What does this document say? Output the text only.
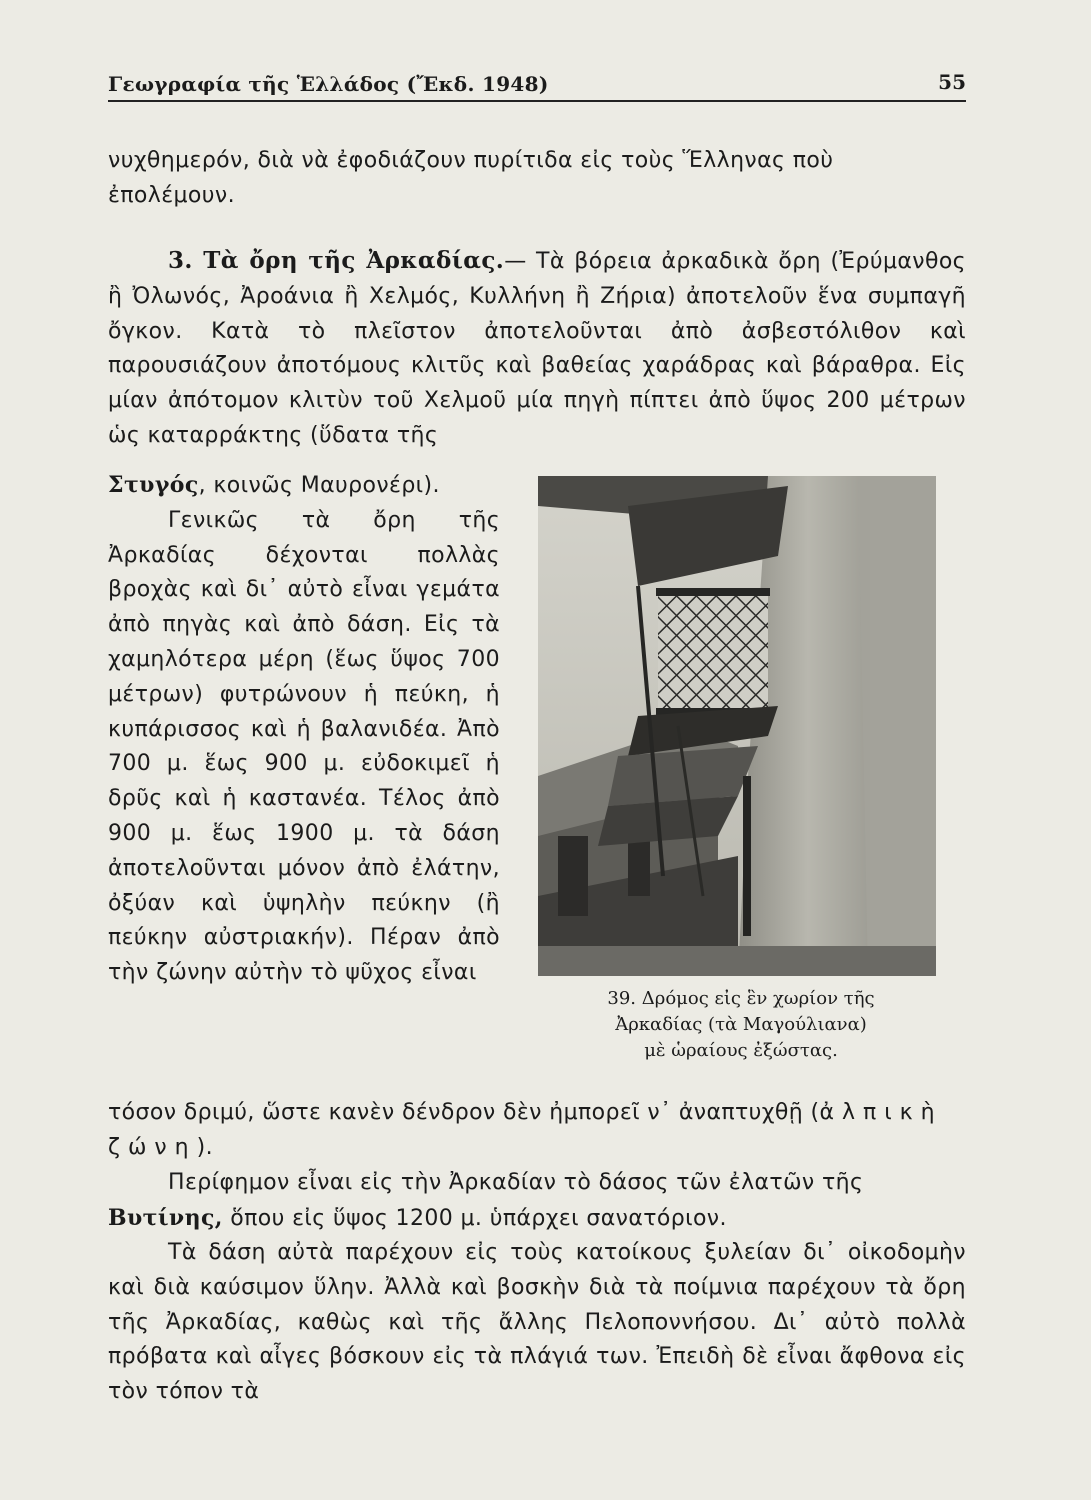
Γεωγραφία τῆς Ἑλλάδος (Ἔκδ. 1948)	55

νυχθημερόν, διὰ νὰ ἐφοδιάζουν πυρίτιδα εἰς τοὺς Ἕλληνας ποὺ ἐπολέμουν.

3. Τὰ ὄρη τῆς Ἀρκαδίας.— Τὰ βόρεια ἀρκαδικὰ ὄρη (Ἐρύμανθος ἢ Ὀλωνός, Ἀροάνια ἢ Χελμός, Κυλλήνη ἢ Ζήρια) ἀποτελοῦν ἕνα συμπαγῆ ὄγκον. Κατὰ τὸ πλεῖστον ἀποτελοῦνται ἀπὸ ἀσβεστόλιθον καὶ παρουσιάζουν ἀποτόμους κλιτῦς καὶ βαθείας χαράδρας καὶ βάραθρα. Εἰς μίαν ἀπότομον κλιτὺν τοῦ Χελμοῦ μία πηγὴ πίπτει ἀπὸ ὕψος 200 μέτρων ὡς καταρράκτης (ὕδατα τῆς

Στυγός, κοινῶς Μαυρονέρι).

Γενικῶς τὰ ὄρη τῆς Ἀρκαδίας δέχονται πολλὰς βροχὰς καὶ δι᾽ αὐτὸ εἶναι γεμάτα ἀπὸ πηγὰς καὶ ἀπὸ δάση. Εἰς τὰ χαμηλότερα μέρη (ἕως ὕψος 700 μέτρων) φυτρώνουν ἡ πεύκη, ἡ κυπάρισσος καὶ ἡ βαλανιδέα. Ἀπὸ 700 μ. ἕως 900 μ. εὐδοκιμεῖ ἡ δρῦς καὶ ἡ καστανέα. Τέλος ἀπὸ 900 μ. ἕως 1900 μ. τὰ δάση ἀποτελοῦνται μόνον ἀπὸ ἐλάτην, ὀξύαν καὶ ὑψηλὴν πεύκην (ἢ πεύκην αὐστριακήν). Πέραν ἀπὸ τὴν ζώνην αὐτὴν τὸ ψῦχος εἶναι

τόσον δριμύ, ὥστε κανὲν δένδρον δὲν ἠμπορεῖ ν᾽ ἀναπτυχθῇ (ἀλπικὴ ζώνη).

Περίφημον εἶναι εἰς τὴν Ἀρκαδίαν τὸ δάσος τῶν ἐλατῶν τῆς Βυτίνης, ὅπου εἰς ὕψος 1200 μ. ὑπάρχει σανατόριον.

Τὰ δάση αὐτὰ παρέχουν εἰς τοὺς κατοίκους ξυλείαν δι᾽ οἰκοδομὴν καὶ διὰ καύσιμον ὕλην. Ἀλλὰ καὶ βοσκὴν διὰ τὰ ποίμνια παρέχουν τὰ ὄρη τῆς Ἀρκαδίας, καθὼς καὶ τῆς ἄλλης Πελοποννήσου. Δι᾽ αὐτὸ πολλὰ πρόβατα καὶ αἶγες βόσκουν εἰς τὰ πλάγιά των. Ἐπειδὴ δὲ εἶναι ἄφθονα εἰς τὸν τόπον τὰ

39. Δρόμος εἰς ἓν χωρίον τῆς
Ἀρκαδίας (τὰ Μαγούλιανα)
μὲ ὡραίους ἐξώστας.
